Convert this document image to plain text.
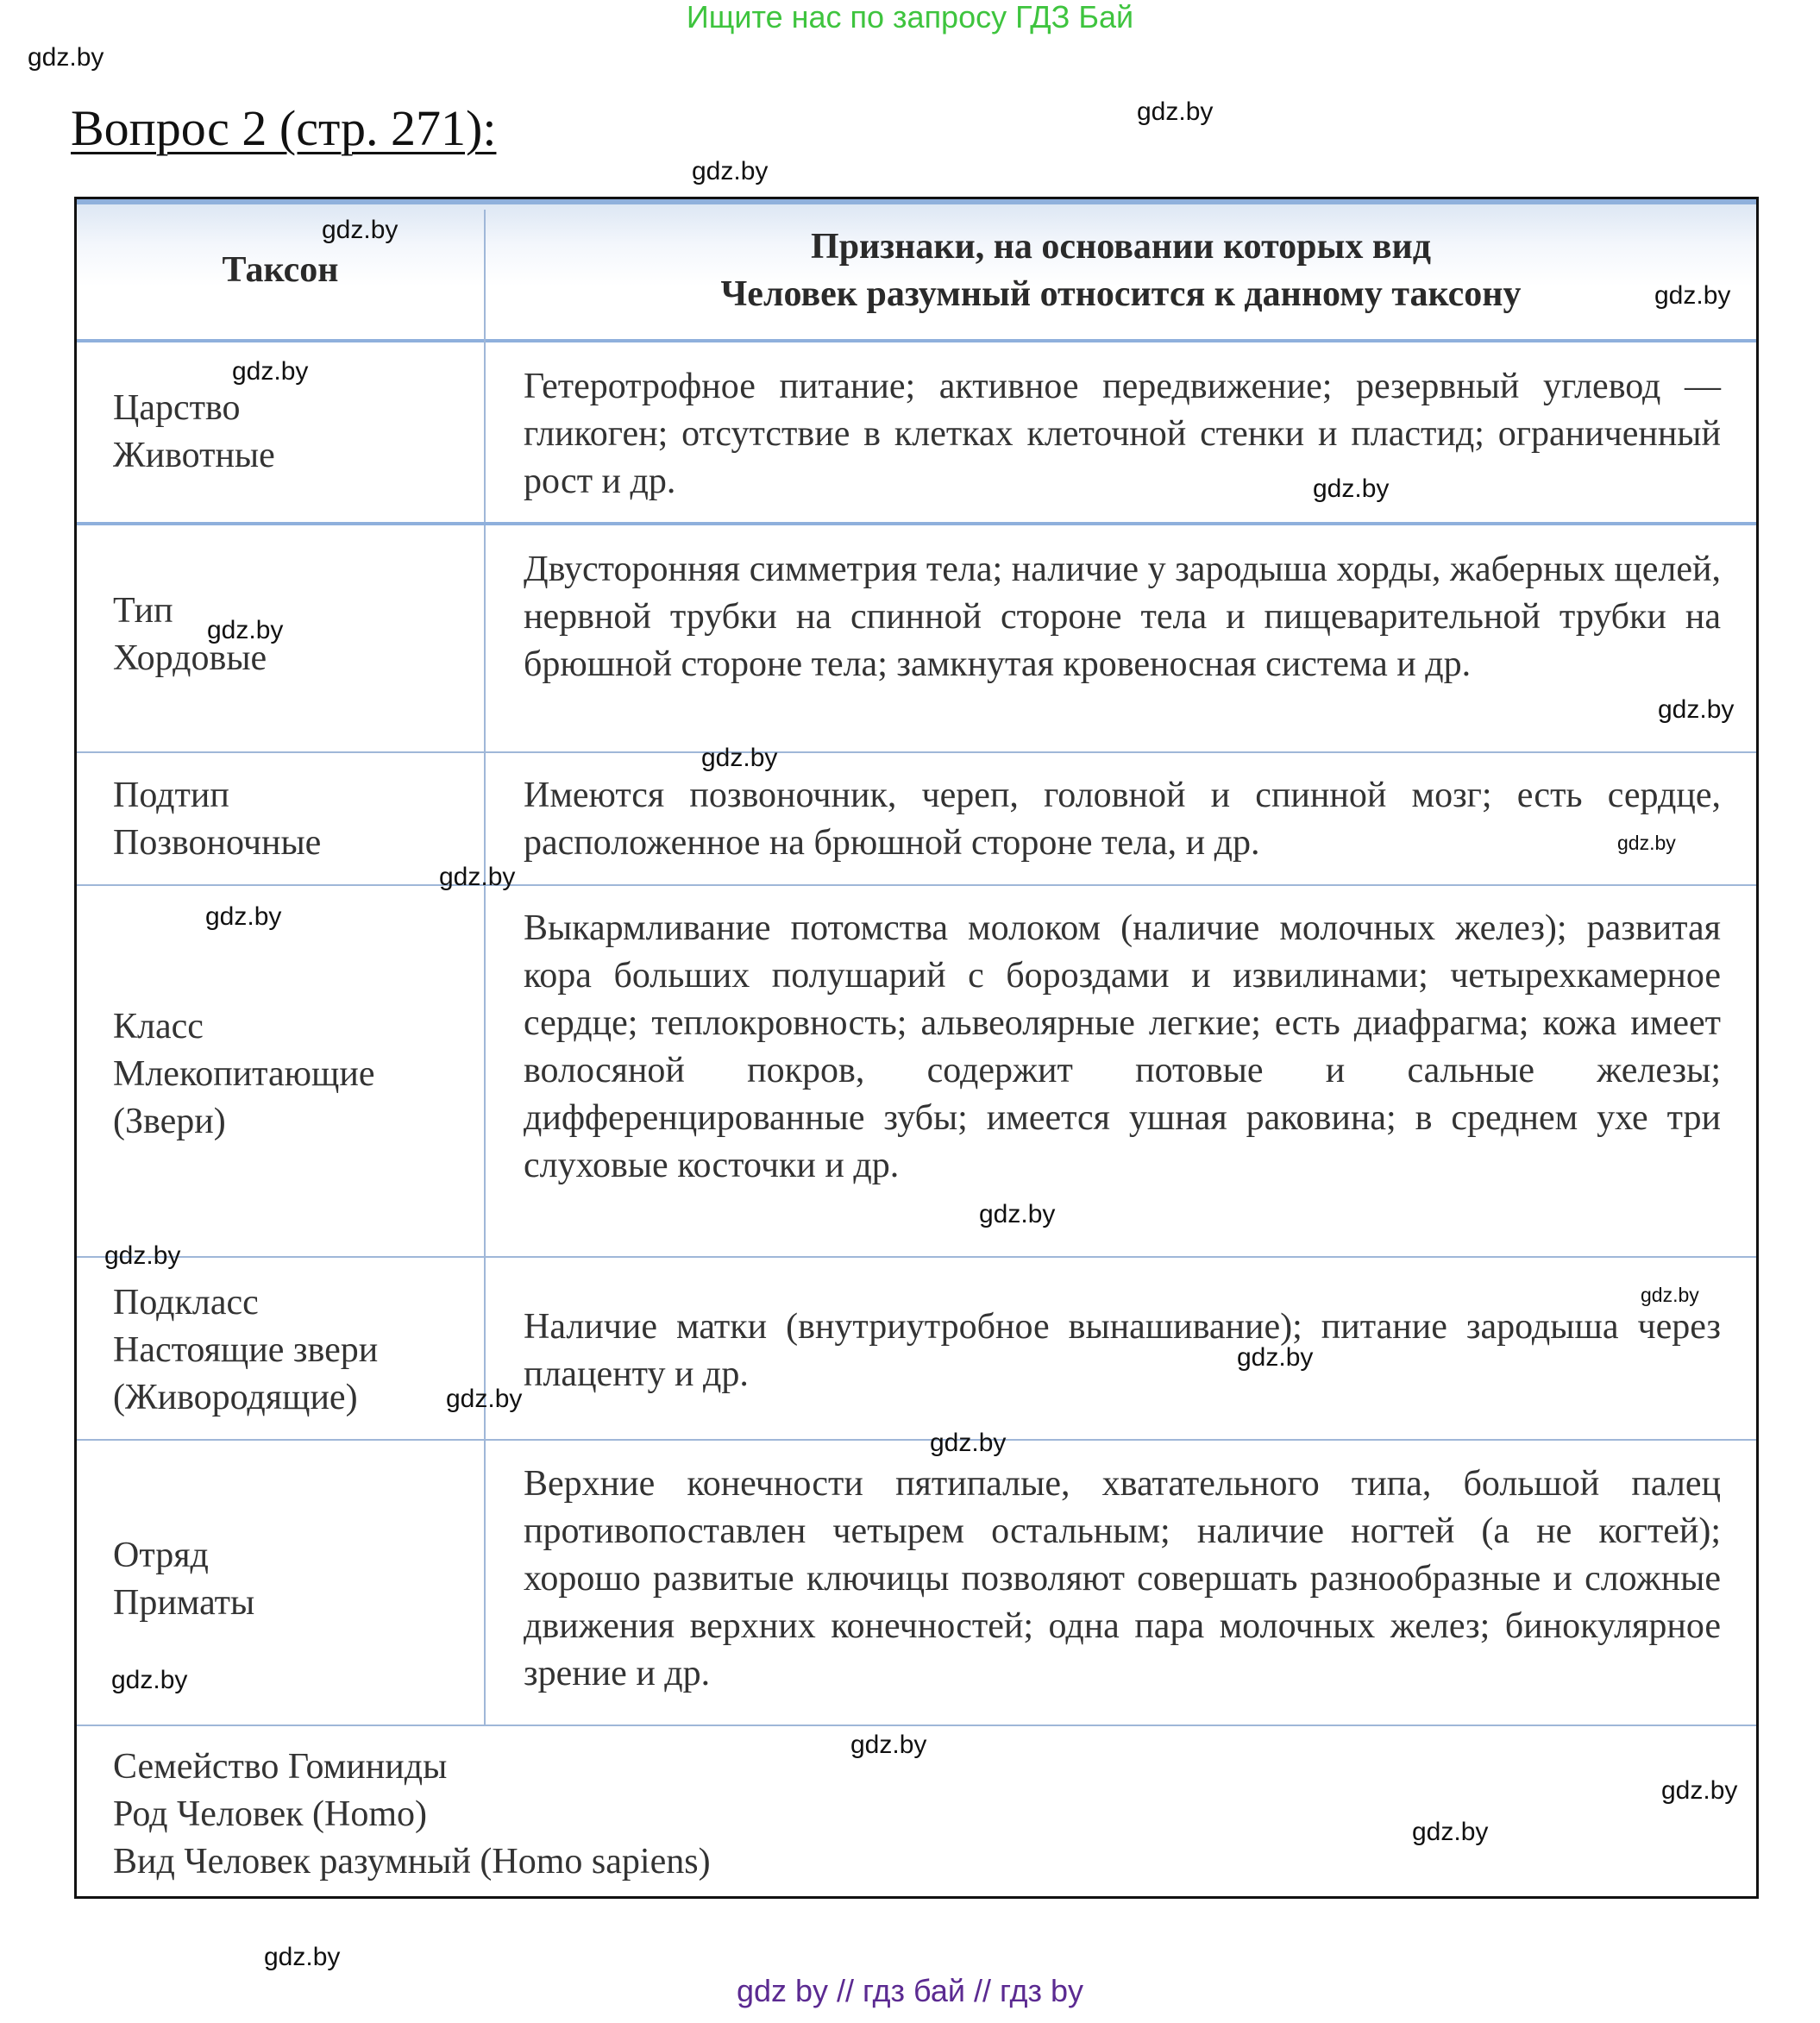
Ищите нас по запросу ГДЗ Бай
Вопрос 2 (стр. 271):
Таксон
Признаки, на основании которых вид
Человек разумный относится к данному таксону
Царство
Животные
Гетеротрофное питание; активное передвижение; резервный углевод — гликоген; отсутствие в клетках клеточной стенки и пластид; ограниченный рост и др.
Тип
Хордовые
Двусторонняя симметрия тела; наличие у зародыша хорды, жаберных щелей, нервной трубки на спинной стороне тела и пищеварительной трубки на брюшной стороне тела; замкнутая кровеносная система и др.
Подтип
Позвоночные
Имеются позвоночник, череп, головной и спинной мозг; есть сердце, расположенное на брюшной стороне тела, и др.
Класс
Млекопитающие
(Звери)
Выкармливание потомства молоком (наличие молочных желез); развитая кора больших полушарий с бороздами и извилинами; четырехкамерное сердце; теплокровность; альвеолярные легкие; есть диафрагма; кожа имеет волосяной покров, содержит потовые и сальные железы; дифференцированные зубы; имеется ушная раковина; в среднем ухе три слуховые косточки и др.
Подкласс
Настоящие звери
(Живородящие)
Наличие матки (внутриутробное вынашивание); питание зародыша через плаценту и др.
Отряд
Приматы
Верхние конечности пятипалые, хватательного типа, большой палец противопоставлен четырем остальным; наличие ногтей (а не когтей); хорошо развитые ключицы позволяют совершать разнообразные и сложные движения верхних конечностей; одна пара молочных желез; бинокулярное зрение и др.
Семейство Гоминиды
Род Человек (Homo)
Вид Человек разумный (Homo sapiens)
gdz.by
gdz.by
gdz.by
gdz.by
gdz.by
gdz.by
gdz.by
gdz.by
gdz.by
gdz.by
gdz.by
gdz.by
gdz.by
gdz.by
gdz.by
gdz.by
gdz.by
gdz.by
gdz.by
gdz.by
gdz.by
gdz.by
gdz.by
gdz.by
gdz by // гдз бай // гдз by
